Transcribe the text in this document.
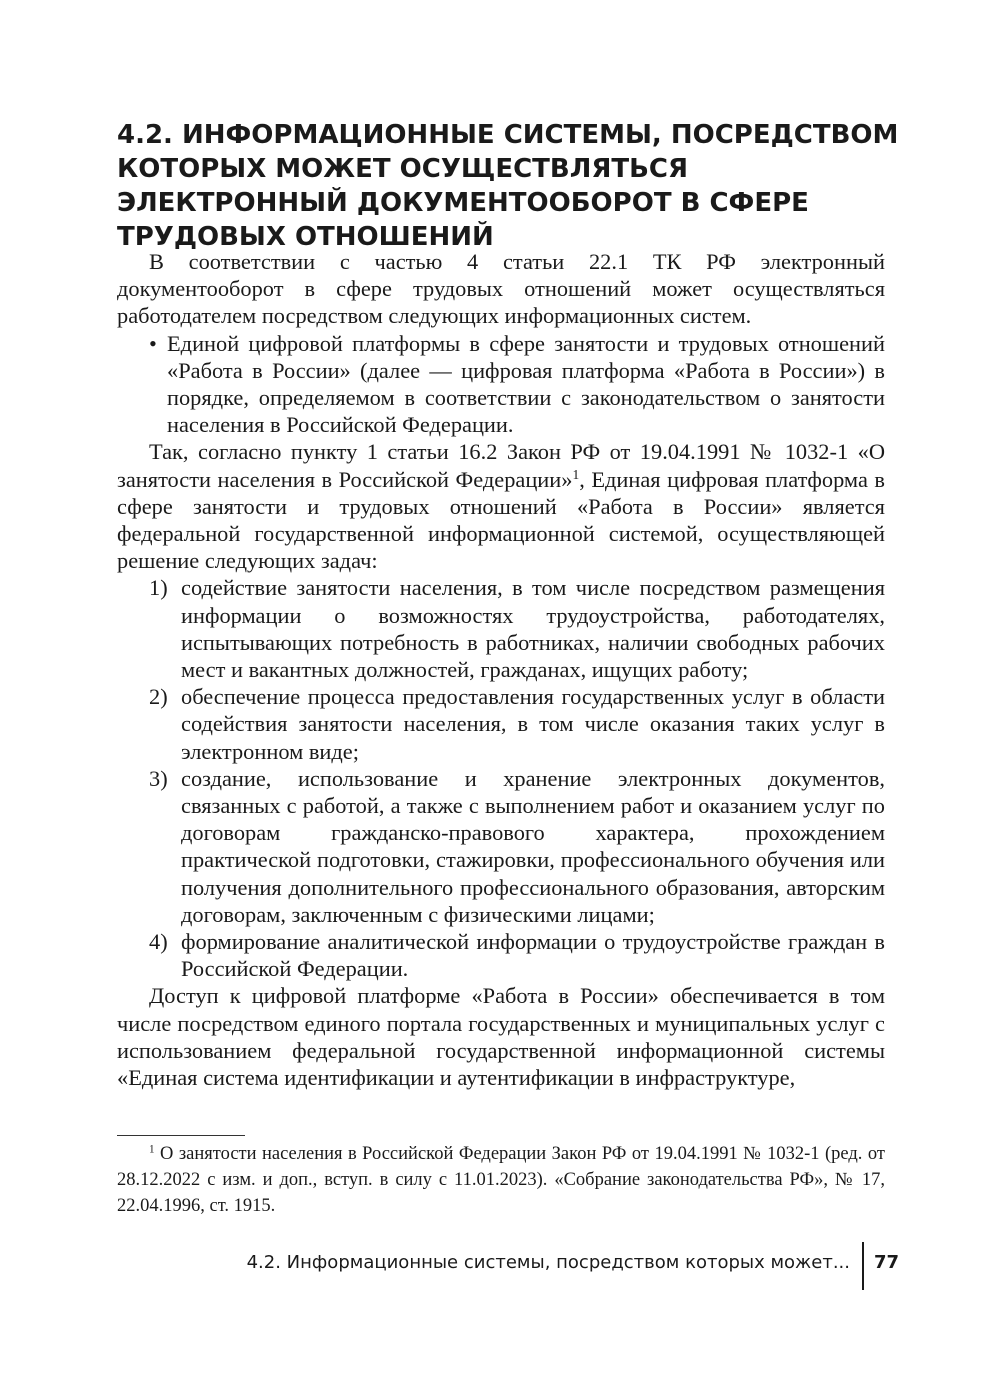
4.2. ИНФОРМАЦИОННЫЕ СИСТЕМЫ, ПОСРЕДСТВОМ КОТОРЫХ МОЖЕТ ОСУЩЕСТВЛЯТЬСЯ ЭЛЕКТРОННЫЙ ДОКУМЕНТООБОРОТ В СФЕРЕ ТРУДОВЫХ ОТНОШЕНИЙ

В соответствии с частью 4 статьи 22.1 ТК РФ электронный документооборот в сфере трудовых отношений может осуществляться работодателем посредством следующих информационных систем.

• Единой цифровой платформы в сфере занятости и трудовых отношений «Работа в России» (далее — цифровая платформа «Работа в России») в порядке, определяемом в соответствии с законодательством о занятости населения в Российской Федерации.

Так, согласно пункту 1 статьи 16.2 Закон РФ от 19.04.1991 № 1032-1 «О занятости населения в Российской Федерации»$^1$, Единая цифровая платформа в сфере занятости и трудовых отношений «Работа в России» является федеральной государственной информационной системой, осуществляющей решение следующих задач:

1) содействие занятости населения, в том числе посредством размещения информации о возможностях трудоустройства, работодателях, испытывающих потребность в работниках, наличии свободных рабочих мест и вакантных должностей, гражданах, ищущих работу;
2) обеспечение процесса предоставления государственных услуг в области содействия занятости населения, в том числе оказания таких услуг в электронном виде;
3) создание, использование и хранение электронных документов, связанных с работой, а также с выполнением работ и оказанием услуг по договорам гражданско-правового характера, прохождением практической подготовки, стажировки, профессионального обучения или получения дополнительного профессионального образования, авторским договорам, заключенным с физическими лицами;
4) формирование аналитической информации о трудоустройстве граждан в Российской Федерации.

Доступ к цифровой платформе «Работа в России» обеспечивается в том числе посредством единого портала государственных и муниципальных услуг с использованием федеральной государственной информационной системы «Единая система идентификации и аутентификации в инфраструктуре,

$^1$ О занятости населения в Российской Федерации Закон РФ от 19.04.1991 № 1032-1 (ред. от 28.12.2022 с изм. и доп., вступ. в силу с 11.01.2023). «Собрание законодательства РФ», № 17, 22.04.1996, ст. 1915.

4.2. Информационные системы, посредством которых может... 77
